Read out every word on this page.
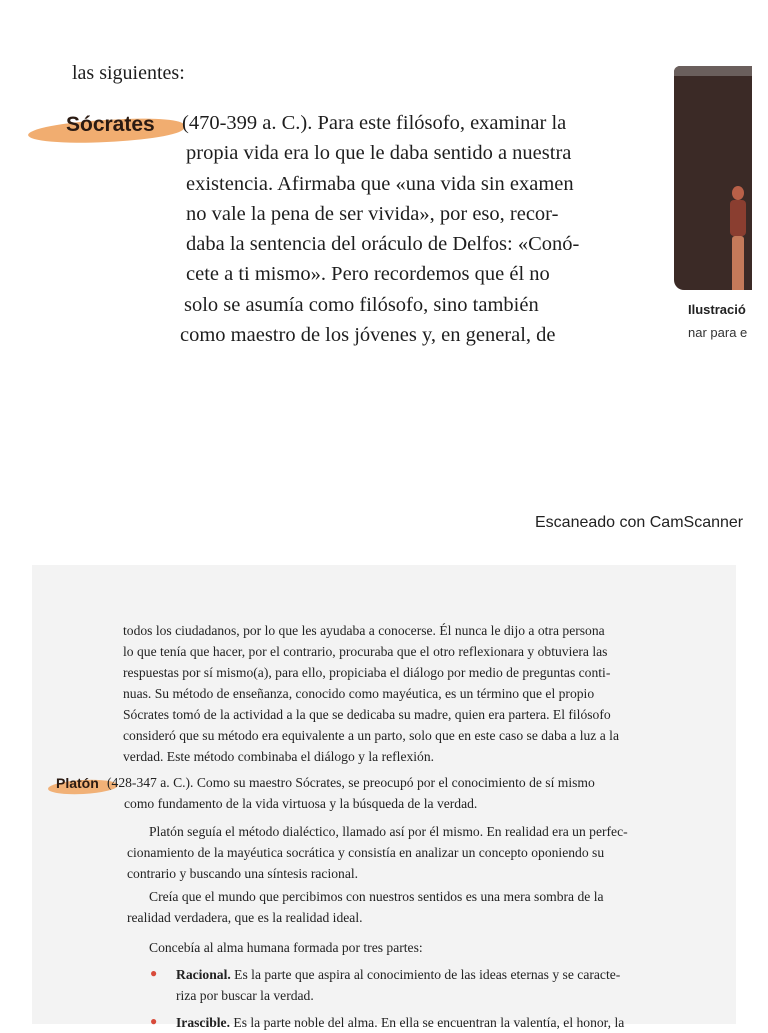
las siguientes:
Sócrates (470-399 a. C.). Para este filósofo, examinar la
propia vida era lo que le daba sentido a nuestra
existencia. Afirmaba que «una vida sin examen
no vale la pena de ser vivida», por eso, recor-
daba la sentencia del oráculo de Delfos: «Conó-
cete a ti mismo». Pero recordemos que él no
solo se asumía como filósofo, sino también
como maestro de los jóvenes y, en general, de
Ilustració
nar para e
Escaneado con CamScanner
todos los ciudadanos, por lo que les ayudaba a conocerse. Él nunca le dijo a otra persona
lo que tenía que hacer, por el contrario, procuraba que el otro reflexionara y obtuviera las
respuestas por sí mismo(a), para ello, propiciaba el diálogo por medio de preguntas conti-
nuas. Su método de enseñanza, conocido como mayéutica, es un término que el propio
Sócrates tomó de la actividad a la que se dedicaba su madre, quien era partera. El filósofo
consideró que su método era equivalente a un parto, solo que en este caso se daba a luz a la
verdad. Este método combinaba el diálogo y la reflexión.
Platón (428-347 a. C.). Como su maestro Sócrates, se preocupó por el conocimiento de sí mismo
como fundamento de la vida virtuosa y la búsqueda de la verdad.
Platón seguía el método dialéctico, llamado así por él mismo. En realidad era un perfec-
cionamiento de la mayéutica socrática y consistía en analizar un concepto oponiendo su
contrario y buscando una síntesis racional.
Creía que el mundo que percibimos con nuestros sentidos es una mera sombra de la
realidad verdadera, que es la realidad ideal.
Concebía al alma humana formada por tres partes:
● Racional. Es la parte que aspira al conocimiento de las ideas eternas y se caracte-
riza por buscar la verdad.
● Irascible. Es la parte noble del alma. En ella se encuentran la valentía, el honor, la
